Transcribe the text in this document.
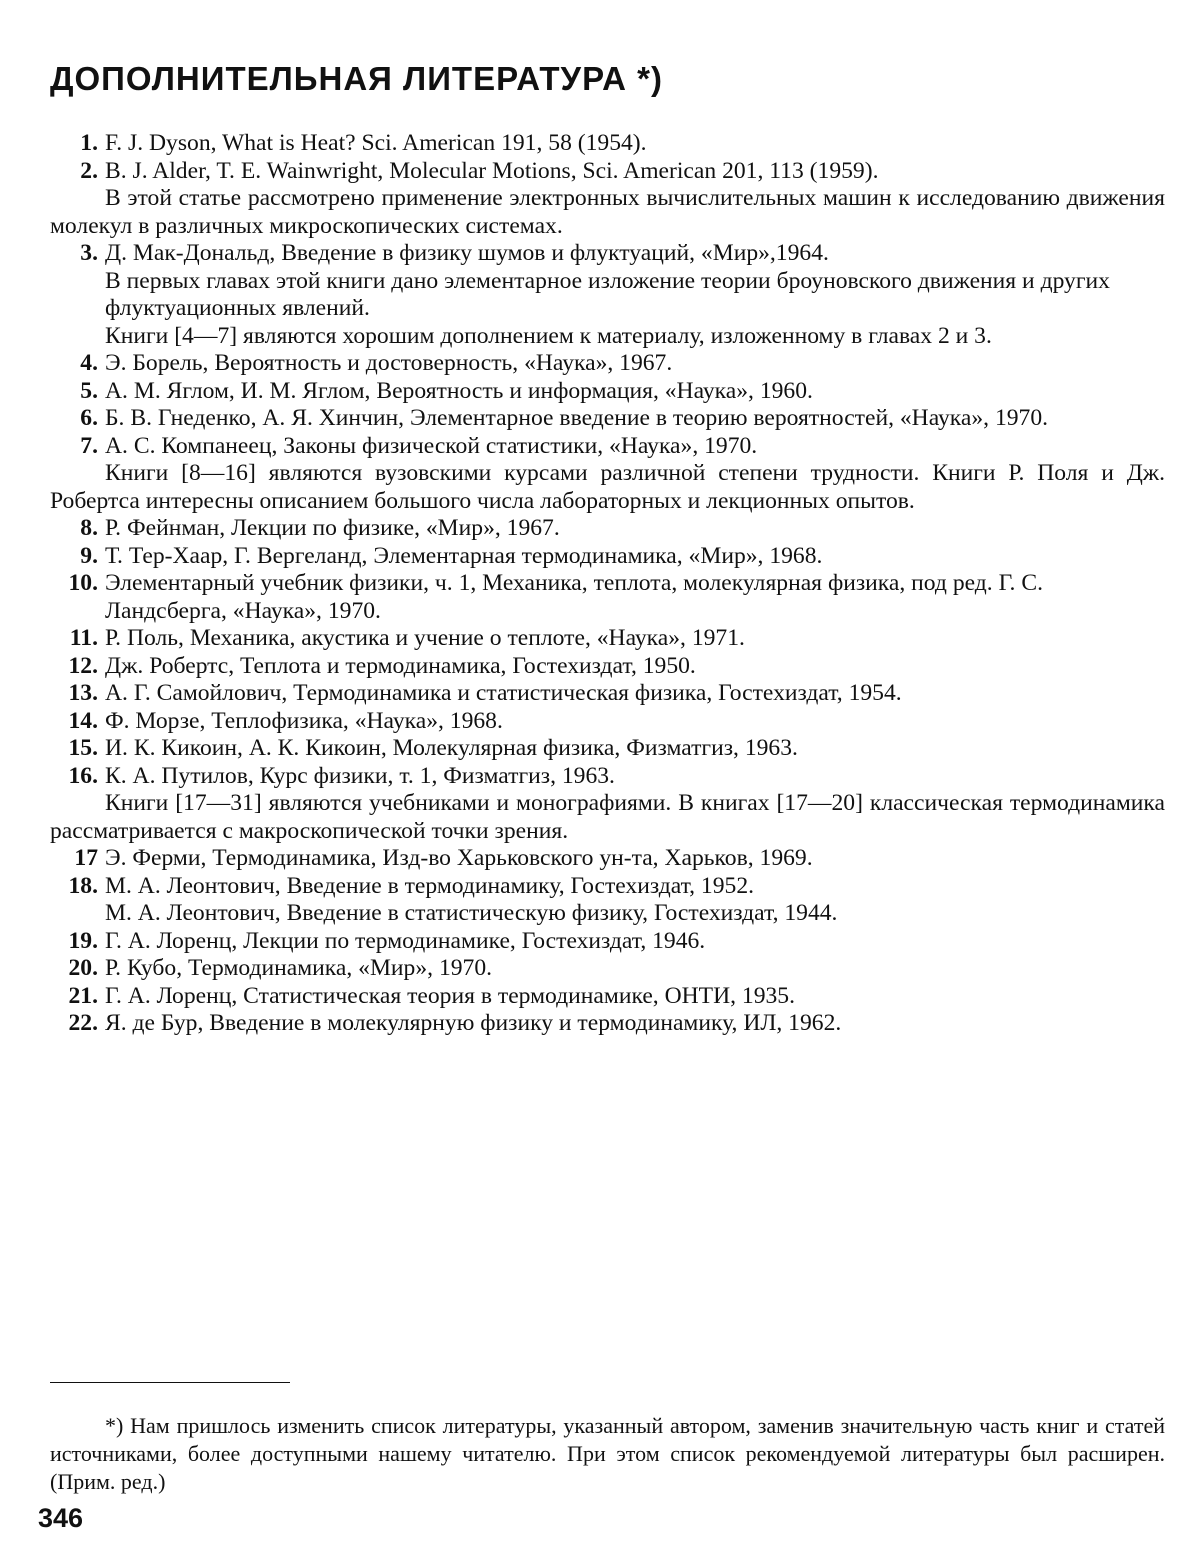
ДОПОЛНИТЕЛЬНАЯ ЛИТЕРАТУРА *)
1. F. J. Dyson, What is Heat? Sci. American 191, 58 (1954).
2. B. J. Alder, T. E. Wainwright, Molecular Motions, Sci. American 201, 113 (1959).

В этой статье рассмотрено применение электронных вычислительных машин к исследованию движения молекул в различных микроскопических системах.

3. Д. Мак-Дональд, Введение в физику шумов и флуктуаций, «Мир»,1964.

В первых главах этой книги дано элементарное изложение теории броуновского движения и других флуктуационных явлений.

Книги [4—7] являются хорошим дополнением к материалу, изложенному в главах 2 и 3.

4. Э. Борель, Вероятность и достоверность, «Наука», 1967.
5. А. М. Яглом, И. М. Яглом, Вероятность и информация, «Наука», 1960.
6. Б. В. Гнеденко, А. Я. Хинчин, Элементарное введение в теорию вероятностей, «Наука», 1970.
7. А. С. Компанеец, Законы физической статистики, «Наука», 1970.

Книги [8—16] являются вузовскими курсами различной степени трудности. Книги Р. Поля и Дж. Робертса интересны описанием большого числа лабораторных и лекционных опытов.

8. Р. Фейнман, Лекции по физике, «Мир», 1967.
9. Т. Тер-Хаар, Г. Вергеланд, Элементарная термодинамика, «Мир», 1968.
10. Элементарный учебник физики, ч. 1, Механика, теплота, молекулярная физика, под ред. Г. С. Ландсберга, «Наука», 1970.
11. Р. Поль, Механика, акустика и учение о теплоте, «Наука», 1971.
12. Дж. Робертс, Теплота и термодинамика, Гостехиздат, 1950.
13. А. Г. Самойлович, Термодинамика и статистическая физика, Гостехиздат, 1954.
14. Ф. Морзе, Теплофизика, «Наука», 1968.
15. И. К. Кикоин, А. К. Кикоин, Молекулярная физика, Физматгиз, 1963.
16. К. А. Путилов, Курс физики, т. 1, Физматгиз, 1963.

Книги [17—31] являются учебниками и монографиями. В книгах [17—20] классическая термодинамика рассматривается с макроскопической точки зрения.

17 Э. Ферми, Термодинамика, Изд-во Харьковского ун-та, Харьков, 1969.
18. М. А. Леонтович, Введение в термодинамику, Гостехиздат, 1952.

М. А. Леонтович, Введение в статистическую физику, Гостехиздат, 1944.

19. Г. А. Лоренц, Лекции по термодинамике, Гостехиздат, 1946.
20. Р. Кубо, Термодинамика, «Мир», 1970.
21. Г. А. Лоренц, Статистическая теория в термодинамике, ОНТИ, 1935.
22. Я. де Бур, Введение в молекулярную физику и термодинамику, ИЛ, 1962.

*) Нам пришлось изменить список литературы, указанный автором, заменив значительную часть книг и статей источниками, более доступными нашему читателю. При этом список рекомендуемой литературы был расширен. (Прим. ред.)

346
